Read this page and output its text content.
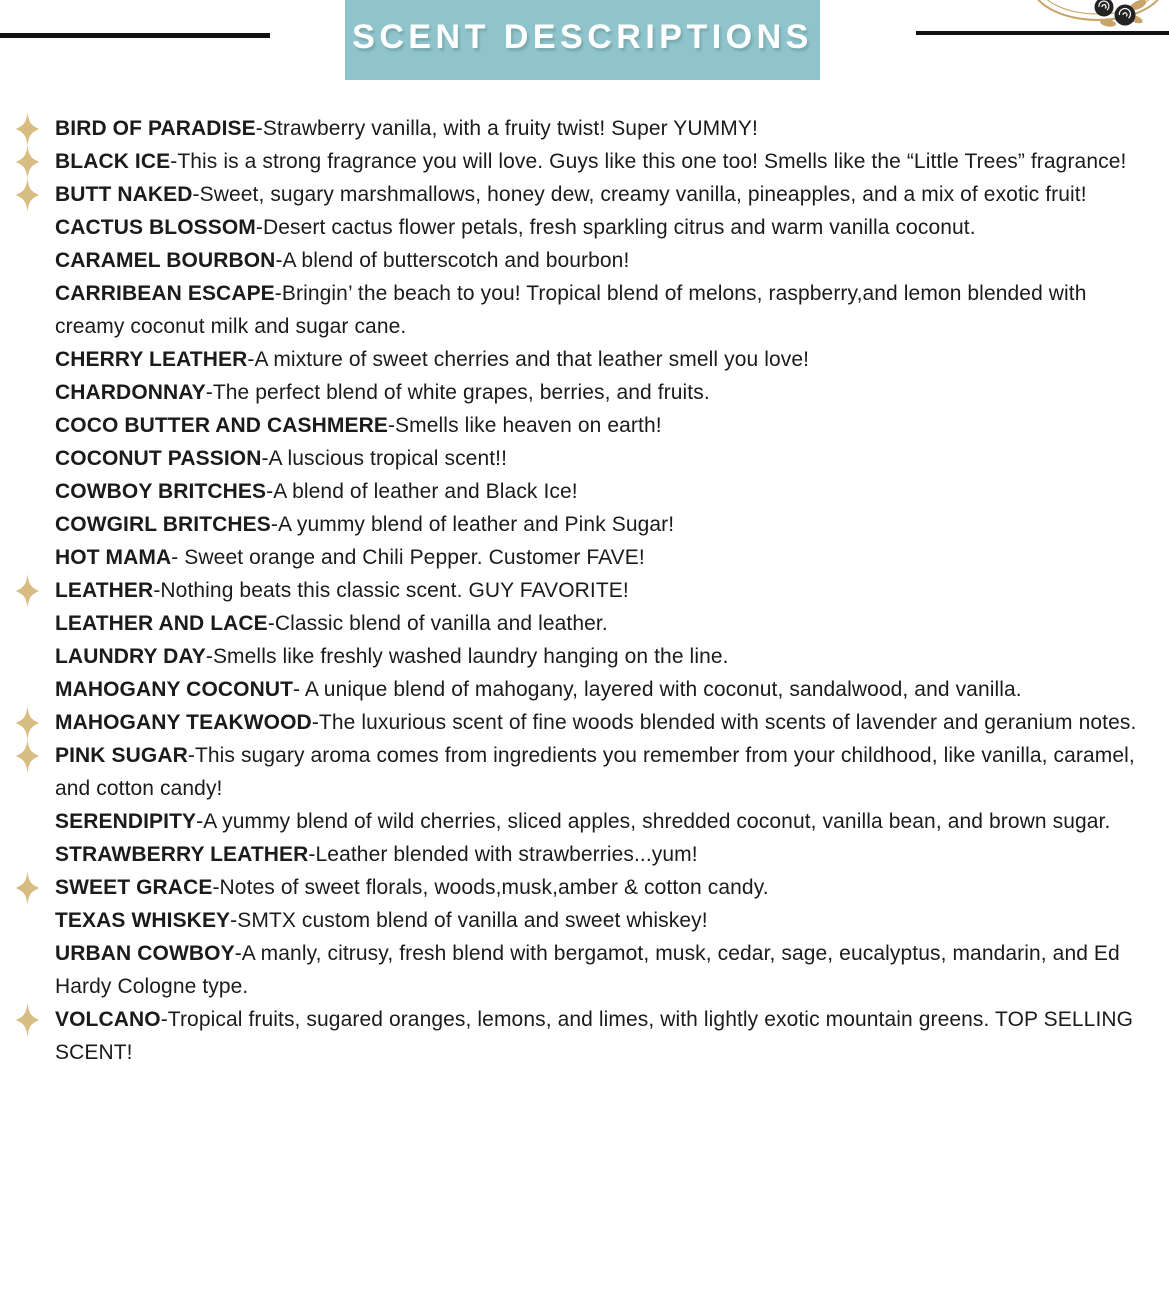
SCENT DESCRIPTIONS

BIRD OF PARADISE-Strawberry vanilla, with a fruity twist! Super YUMMY!

BLACK ICE-This is a strong fragrance you will love. Guys like this one too! Smells like the “Little Trees” fragrance!

BUTT NAKED-Sweet, sugary marshmallows, honey dew, creamy vanilla, pineapples, and a mix of exotic fruit!

CACTUS BLOSSOM-Desert cactus flower petals, fresh sparkling citrus and warm vanilla coconut.

CARAMEL BOURBON-A blend of butterscotch and bourbon!

CARRIBEAN ESCAPE-Bringin’ the beach to you! Tropical blend of melons, raspberry,and lemon blended with creamy coconut milk and sugar cane.

CHERRY LEATHER-A mixture of sweet cherries and that leather smell you love!

CHARDONNAY-The perfect blend of white grapes, berries, and fruits.

COCO BUTTER AND CASHMERE-Smells like heaven on earth!

COCONUT PASSION-A luscious tropical scent!!

COWBOY BRITCHES-A blend of leather and Black Ice!

COWGIRL BRITCHES-A yummy blend of leather and Pink Sugar!

HOT MAMA- Sweet orange and Chili Pepper. Customer FAVE!

LEATHER-Nothing beats this classic scent. GUY FAVORITE!

LEATHER AND LACE-Classic blend of vanilla and leather.

LAUNDRY DAY-Smells like freshly washed laundry hanging on the line.

MAHOGANY COCONUT- A unique blend of mahogany, layered with coconut, sandalwood, and vanilla.

MAHOGANY TEAKWOOD-The luxurious scent of fine woods blended with scents of lavender and geranium notes.

PINK SUGAR-This sugary aroma comes from ingredients you remember from your childhood, like vanilla, caramel, and cotton candy!

SERENDIPITY-A yummy blend of wild cherries, sliced apples, shredded coconut, vanilla bean, and brown sugar.

STRAWBERRY LEATHER-Leather blended with strawberries...yum!

SWEET GRACE-Notes of sweet florals, woods,musk,amber & cotton candy.

TEXAS WHISKEY-SMTX custom blend of vanilla and sweet whiskey!

URBAN COWBOY-A manly, citrusy, fresh blend with bergamot, musk, cedar, sage, eucalyptus, mandarin, and Ed Hardy Cologne type.

VOLCANO-Tropical fruits, sugared oranges, lemons, and limes, with lightly exotic mountain greens. TOP SELLING SCENT!
